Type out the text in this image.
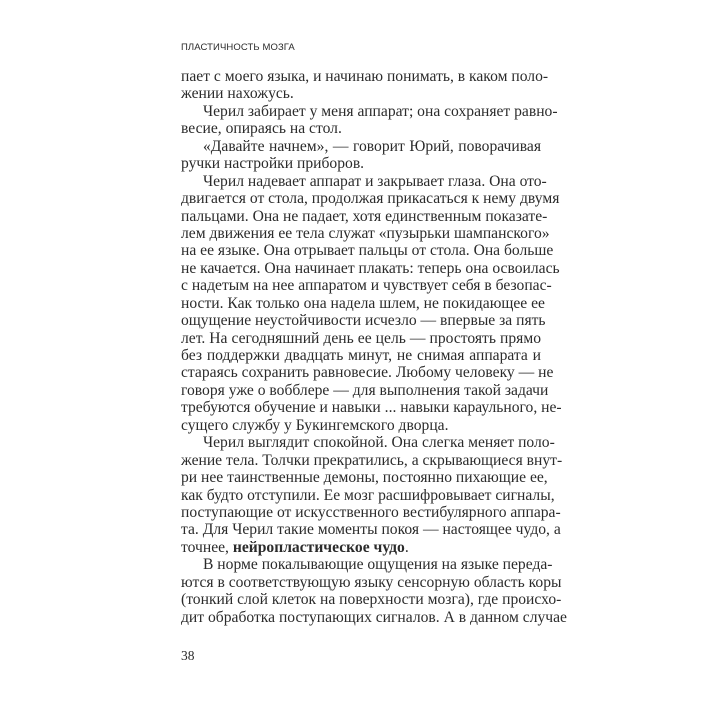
ПЛАСТИЧНОСТЬ МОЗГА
пает с моего языка, и начинаю понимать, в каком поло-
жении нахожусь.
Черил забирает у меня аппарат; она сохраняет равно-
весие, опираясь на стол.
«Давайте начнем», — говорит Юрий, поворачивая
ручки настройки приборов.
Черил надевает аппарат и закрывает глаза. Она ото-
двигается от стола, продолжая прикасаться к нему двумя
пальцами. Она не падает, хотя единственным показате-
лем движения ее тела служат «пузырьки шампанского»
на ее языке. Она отрывает пальцы от стола. Она больше
не качается. Она начинает плакать: теперь она освоилась
с надетым на нее аппаратом и чувствует себя в безопас-
ности. Как только она надела шлем, не покидающее ее
ощущение неустойчивости исчезло — впервые за пять
лет. На сегодняшний день ее цель — простоять прямо
без поддержки двадцать минут, не снимая аппарата и
стараясь сохранить равновесие. Любому человеку — не
говоря уже о вобблере — для выполнения такой задачи
требуются обучение и навыки ... навыки караульного, не-
сущего службу у Букингемского дворца.
Черил выглядит спокойной. Она слегка меняет поло-
жение тела. Толчки прекратились, а скрывающиеся внут-
ри нее таинственные демоны, постоянно пихающие ее,
как будто отступили. Ее мозг расшифровывает сигналы,
поступающие от искусственного вестибулярного аппара-
та. Для Черил такие моменты покоя — настоящее чудо, а
точнее, нейропластическое чудо.
В норме покалывающие ощущения на языке переда-
ются в соответствующую языку сенсорную область коры
(тонкий слой клеток на поверхности мозга), где происхо-
дит обработка поступающих сигналов. А в данном случае
38
